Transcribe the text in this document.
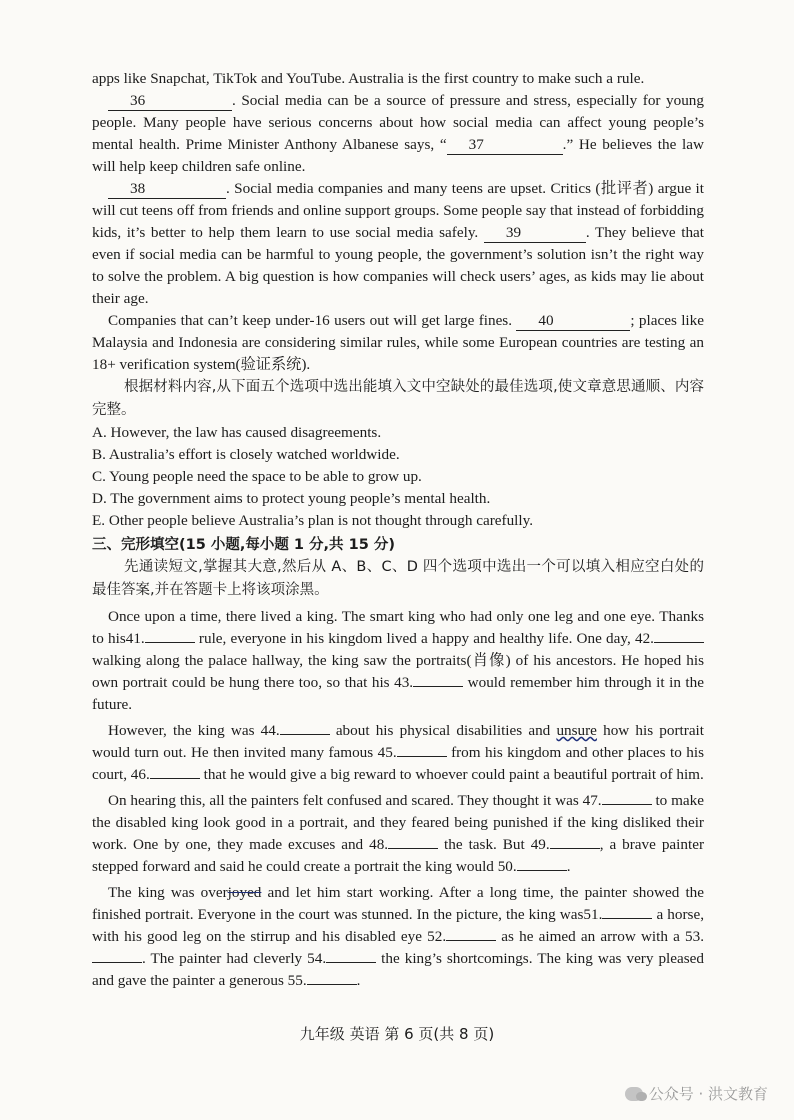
apps like Snapchat, TikTok and YouTube. Australia is the first country to make such a rule.

36	. Social media can be a source of pressure and stress, especially for young people. Many people have serious concerns about how social media can affect young people’s mental health. Prime Minister Anthony Albanese says, “ 37	.” He believes the law will help keep children safe online.

38	. Social media companies and many teens are upset. Critics (批评者) argue it will cut teens off from friends and online support groups. Some people say that instead of forbidding kids, it’s better to help them learn to use social media safely. 39	. They believe that even if social media can be harmful to young people, the government’s solution isn’t the right way to solve the problem. A big question is how companies will check users’ ages, as kids may lie about their age.

Companies that can’t keep under-16 users out will get large fines. 40	; places like Malaysia and Indonesia are considering similar rules, while some European countries are testing an 18+ verification system(验证系统).

根据材料内容,从下面五个选项中选出能填入文中空缺处的最佳选项,使文章意思通顺、内容完整。

A. However, the law has caused disagreements.

B. Australia’s effort is closely watched worldwide.

C. Young people need the space to be able to grow up.

D. The government aims to protect young people’s mental health.

E. Other people believe Australia’s plan is not thought through carefully.

三、完形填空(15 小题,每小题 1 分,共 15 分)

先通读短文,掌握其大意,然后从 A、B、C、D 四个选项中选出一个可以填入相应空白处的最佳答案,并在答题卡上将该项涂黑。

Once upon a time, there lived a king. The smart king who had only one leg and one eye. Thanks to his41.	rule, everyone in his kingdom lived a happy and healthy life. One day, 42. walking along the palace hallway, the king saw the portraits(肖像) of his ancestors. He hoped his own portrait could be hung there too, so that his 43.	would remember him through it in the future.

However, the king was 44.	about his physical disabilities and unsure how his portrait would turn out. He then invited many famous 45.	from his kingdom and other places to his court, 46.	that he would give a big reward to whoever could paint a beautiful portrait of him.

On hearing this, all the painters felt confused and scared. They thought it was 47.	to make the disabled king look good in a portrait, and they feared being punished if the king disliked their work. One by one, they made excuses and 48.	the task. But 49.	, a brave painter stepped forward and said he could create a portrait the king would 50.	.

The king was overjoyed and let him start working. After a long time, the painter showed the finished portrait. Everyone in the court was stunned. In the picture, the king was51.	a horse, with his good leg on the stirrup and his disabled eye 52.	as he aimed an arrow with a 53.. The painter had cleverly 54.	the king’s shortcomings. The king was very pleased and gave the painter a generous 55.	.

九年级 英语 第 6 页(共 8 页)
公众号 · 洪文教育
